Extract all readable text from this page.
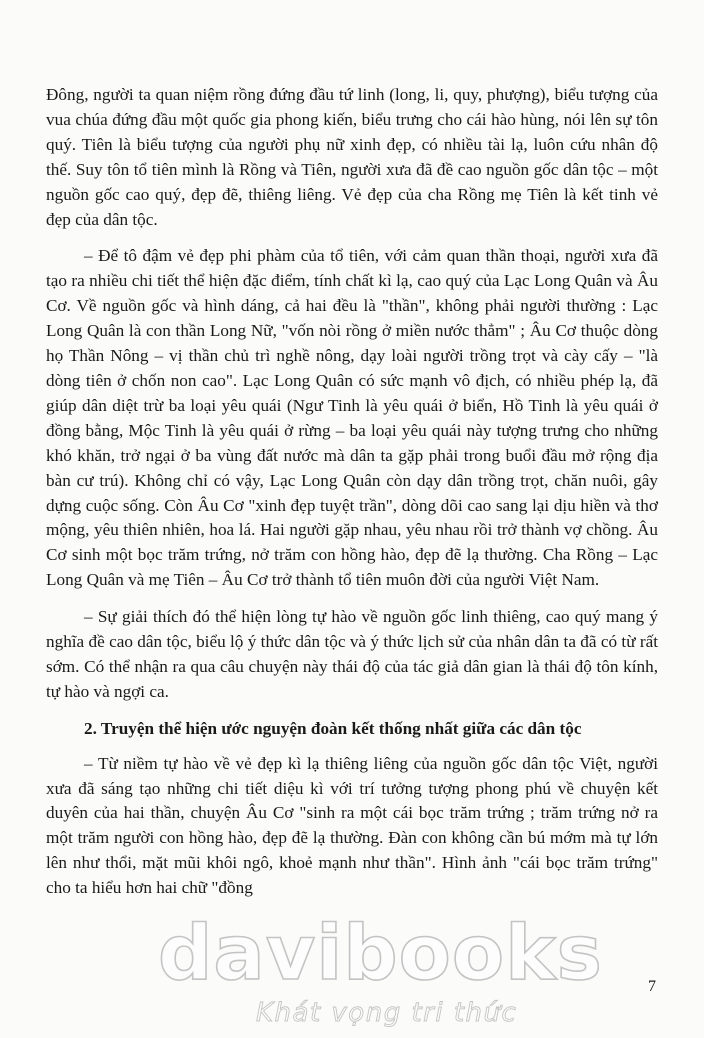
Đông, người ta quan niệm rồng đứng đầu tứ linh (long, li, quy, phượng), biểu tượng của vua chúa đứng đầu một quốc gia phong kiến, biểu trưng cho cái hào hùng, nói lên sự tôn quý. Tiên là biểu tượng của người phụ nữ xinh đẹp, có nhiều tài lạ, luôn cứu nhân độ thế. Suy tôn tổ tiên mình là Rồng và Tiên, người xưa đã đề cao nguồn gốc dân tộc – một nguồn gốc cao quý, đẹp đẽ, thiêng liêng. Vẻ đẹp của cha Rồng mẹ Tiên là kết tinh vẻ đẹp của dân tộc.

– Để tô đậm vẻ đẹp phi phàm của tổ tiên, với cảm quan thần thoại, người xưa đã tạo ra nhiều chi tiết thể hiện đặc điểm, tính chất kì lạ, cao quý của Lạc Long Quân và Âu Cơ. Về nguồn gốc và hình dáng, cả hai đều là "thần", không phải người thường : Lạc Long Quân là con thần Long Nữ, "vốn nòi rồng ở miền nước thẳm" ; Âu Cơ thuộc dòng họ Thần Nông – vị thần chủ trì nghề nông, dạy loài người trồng trọt và cày cấy – "là dòng tiên ở chốn non cao". Lạc Long Quân có sức mạnh vô địch, có nhiều phép lạ, đã giúp dân diệt trừ ba loại yêu quái (Ngư Tinh là yêu quái ở biển, Hồ Tinh là yêu quái ở đồng bằng, Mộc Tinh là yêu quái ở rừng – ba loại yêu quái này tượng trưng cho những khó khăn, trở ngại ở ba vùng đất nước mà dân ta gặp phải trong buổi đầu mở rộng địa bàn cư trú). Không chỉ có vậy, Lạc Long Quân còn dạy dân trồng trọt, chăn nuôi, gây dựng cuộc sống. Còn Âu Cơ "xinh đẹp tuyệt trần", dòng dõi cao sang lại dịu hiền và thơ mộng, yêu thiên nhiên, hoa lá. Hai người gặp nhau, yêu nhau rồi trở thành vợ chồng. Âu Cơ sinh một bọc trăm trứng, nở trăm con hồng hào, đẹp đẽ lạ thường. Cha Rồng – Lạc Long Quân và mẹ Tiên – Âu Cơ trở thành tổ tiên muôn đời của người Việt Nam.

– Sự giải thích đó thể hiện lòng tự hào về nguồn gốc linh thiêng, cao quý mang ý nghĩa đề cao dân tộc, biểu lộ ý thức dân tộc và ý thức lịch sử của nhân dân ta đã có từ rất sớm. Có thể nhận ra qua câu chuyện này thái độ của tác giả dân gian là thái độ tôn kính, tự hào và ngợi ca.

2. Truyện thể hiện ước nguyện đoàn kết thống nhất giữa các dân tộc

– Từ niềm tự hào về vẻ đẹp kì lạ thiêng liêng của nguồn gốc dân tộc Việt, người xưa đã sáng tạo những chi tiết diệu kì với trí tưởng tượng phong phú về chuyện kết duyên của hai thần, chuyện Âu Cơ "sinh ra một cái bọc trăm trứng ; trăm trứng nở ra một trăm người con hồng hào, đẹp đẽ lạ thường. Đàn con không cần bú mớm mà tự lớn lên như thổi, mặt mũi khôi ngô, khoẻ mạnh như thần". Hình ảnh "cái bọc trăm trứng" cho ta hiểu hơn hai chữ "đồng

davibooks
Khát vọng tri thức
7
